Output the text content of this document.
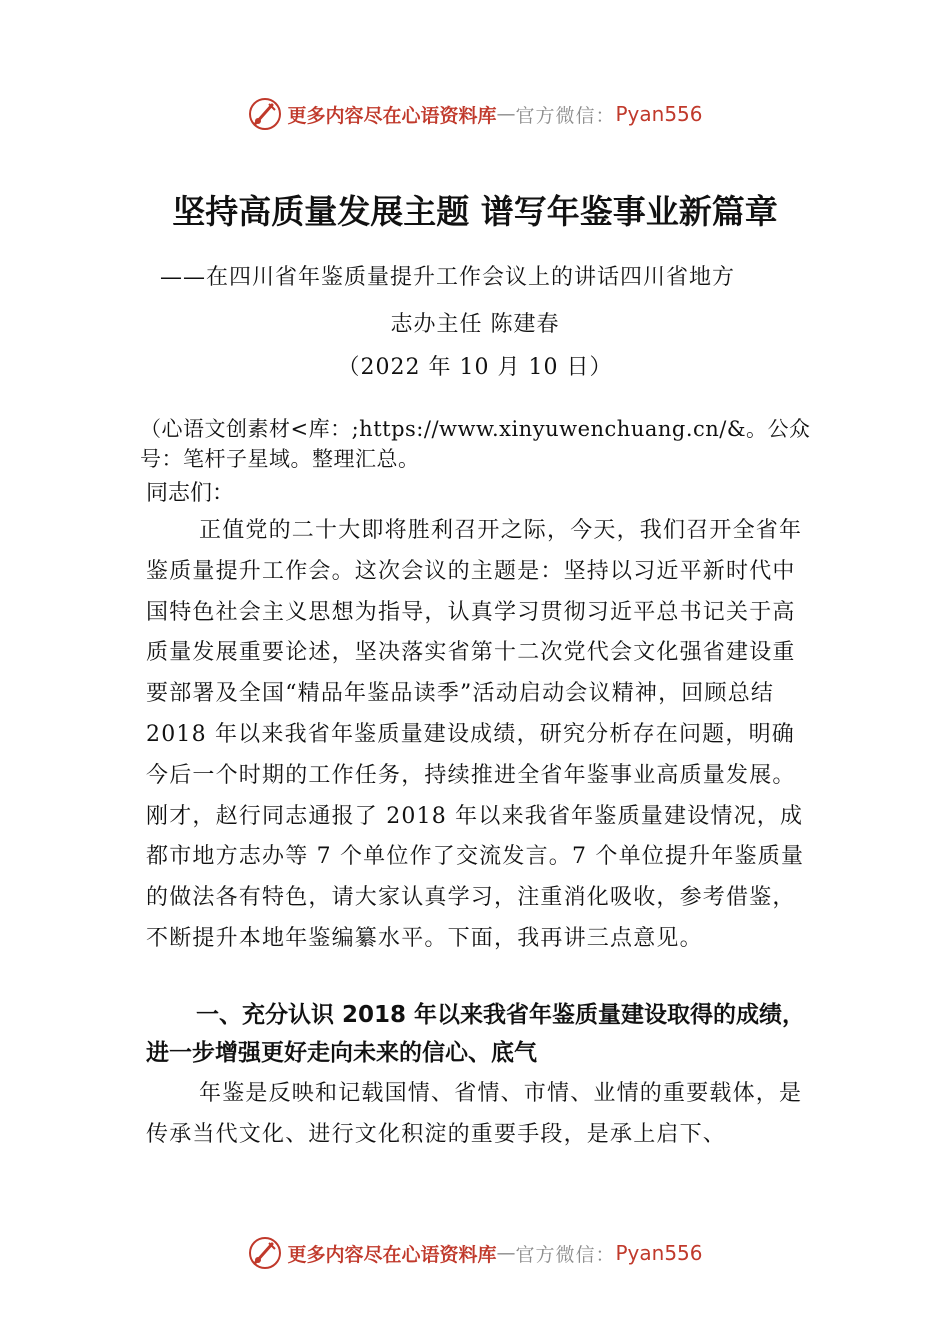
更多内容尽在心语资料库 — 官方微信： Pyan556
坚持高质量发展主题 谱写年鉴事业新篇章
——在四川省年鉴质量提升工作会议上的讲话四川省地方
志办主任 陈建春
（2022 年 10 月 10 日）
（心语文创素材<库：;https://www.xinyuwenchuang.cn/&。公众号：笔杆子星域。整理汇总。
同志们：

正值党的二十大即将胜利召开之际，今天，我们召开全省年鉴质量提升工作会。这次会议的主题是：坚持以习近平新时代中国特色社会主义思想为指导，认真学习贯彻习近平总书记关于高质量发展重要论述，坚决落实省第十二次党代会文化强省建设重要部署及全国“精品年鉴品读季”活动启动会议精神，回顾总结 2018 年以来我省年鉴质量建设成绩，研究分析存在问题，明确今后一个时期的工作任务，持续推进全省年鉴事业高质量发展。刚才，赵行同志通报了 2018 年以来我省年鉴质量建设情况，成都市地方志办等 7 个单位作了交流发言。7 个单位提升年鉴质量的做法各有特色，请大家认真学习，注重消化吸收，参考借鉴，不断提升本地年鉴编纂水平。下面，我再讲三点意见。

一、充分认识 2018 年以来我省年鉴质量建设取得的成绩，进一步增强更好走向未来的信心、底气

年鉴是反映和记载国情、省情、市情、业情的重要载体，是传承当代文化、进行文化积淀的重要手段，是承上启下、

更多内容尽在心语资料库 — 官方微信： Pyan556
